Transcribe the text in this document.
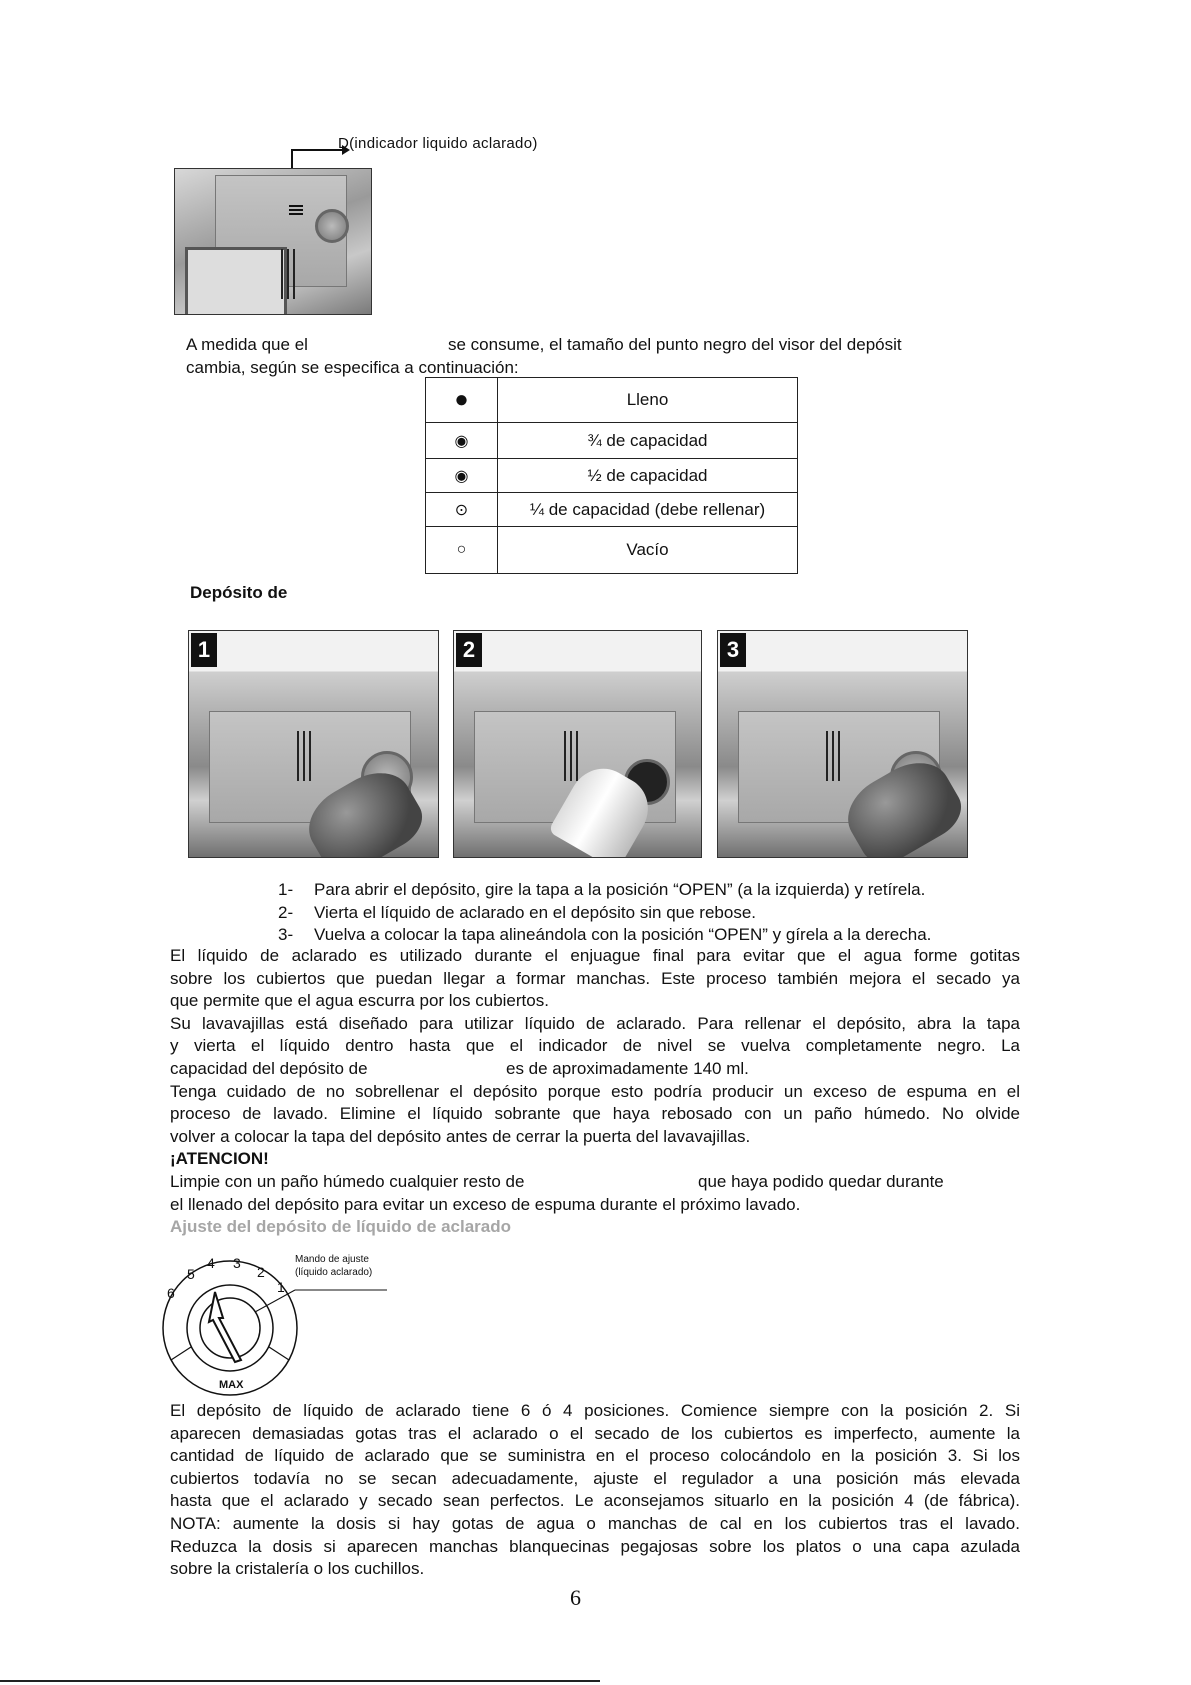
D(indicador liquido aclarado)
A medida que el	se consume, el tamaño del punto negro del visor del depósit
cambia, según se especifica a continuación:
●	Lleno
◉	¾ de capacidad
◉	½ de capacidad
⊙	¼ de capacidad (debe rellenar)
○	Vacío
Depósito de
1	2	3
1- Para abrir el depósito, gire la tapa a la posición “OPEN” (a la izquierda) y retírela.
2- Vierta el líquido de aclarado en el depósito sin que rebose.
3- Vuelva a colocar la tapa alineándola con la posición “OPEN” y gírela a la derecha.
El líquido de aclarado es utilizado durante el enjuague final para evitar que el agua forme gotitas
sobre los cubiertos que puedan llegar a formar manchas. Este proceso también mejora el secado ya
que permite que el agua escurra por los cubiertos.
Su lavavajillas está diseñado para utilizar líquido de aclarado. Para rellenar el depósito, abra la tapa
y vierta el líquido dentro hasta que el indicador de nivel se vuelva completamente negro. La
capacidad del depósito de	es de aproximadamente 140 ml.
Tenga cuidado de no sobrellenar el depósito porque esto podría producir un exceso de espuma en el
proceso de lavado. Elimine el líquido sobrante que haya rebosado con un paño húmedo. No olvide
volver a colocar la tapa del depósito antes de cerrar la puerta del lavavajillas.
¡ATENCION!
Limpie con un paño húmedo cualquier resto de	que haya podido quedar durante
el llenado del depósito para evitar un exceso de espuma durante el próximo lavado.
Ajuste del depósito de líquido de aclarado
1
2
3
4
5
6
MAX
Mando de ajuste
(líquido aclarado)
El depósito de líquido de aclarado tiene 6 ó 4 posiciones. Comience siempre con la posición 2. Si
aparecen demasiadas gotas tras el aclarado o el secado de los cubiertos es imperfecto, aumente la
cantidad de líquido de aclarado que se suministra en el proceso colocándolo en la posición 3. Si los
cubiertos todavía no se secan adecuadamente, ajuste el regulador a una posición más elevada
hasta que el aclarado y secado sean perfectos. Le aconsejamos situarlo en la posición 4 (de fábrica).
NOTA: aumente la dosis si hay gotas de agua o manchas de cal en los cubiertos tras el lavado.
Reduzca la dosis si aparecen manchas blanquecinas pegajosas sobre los platos o una capa azulada
sobre la cristalería o los cuchillos.
6
